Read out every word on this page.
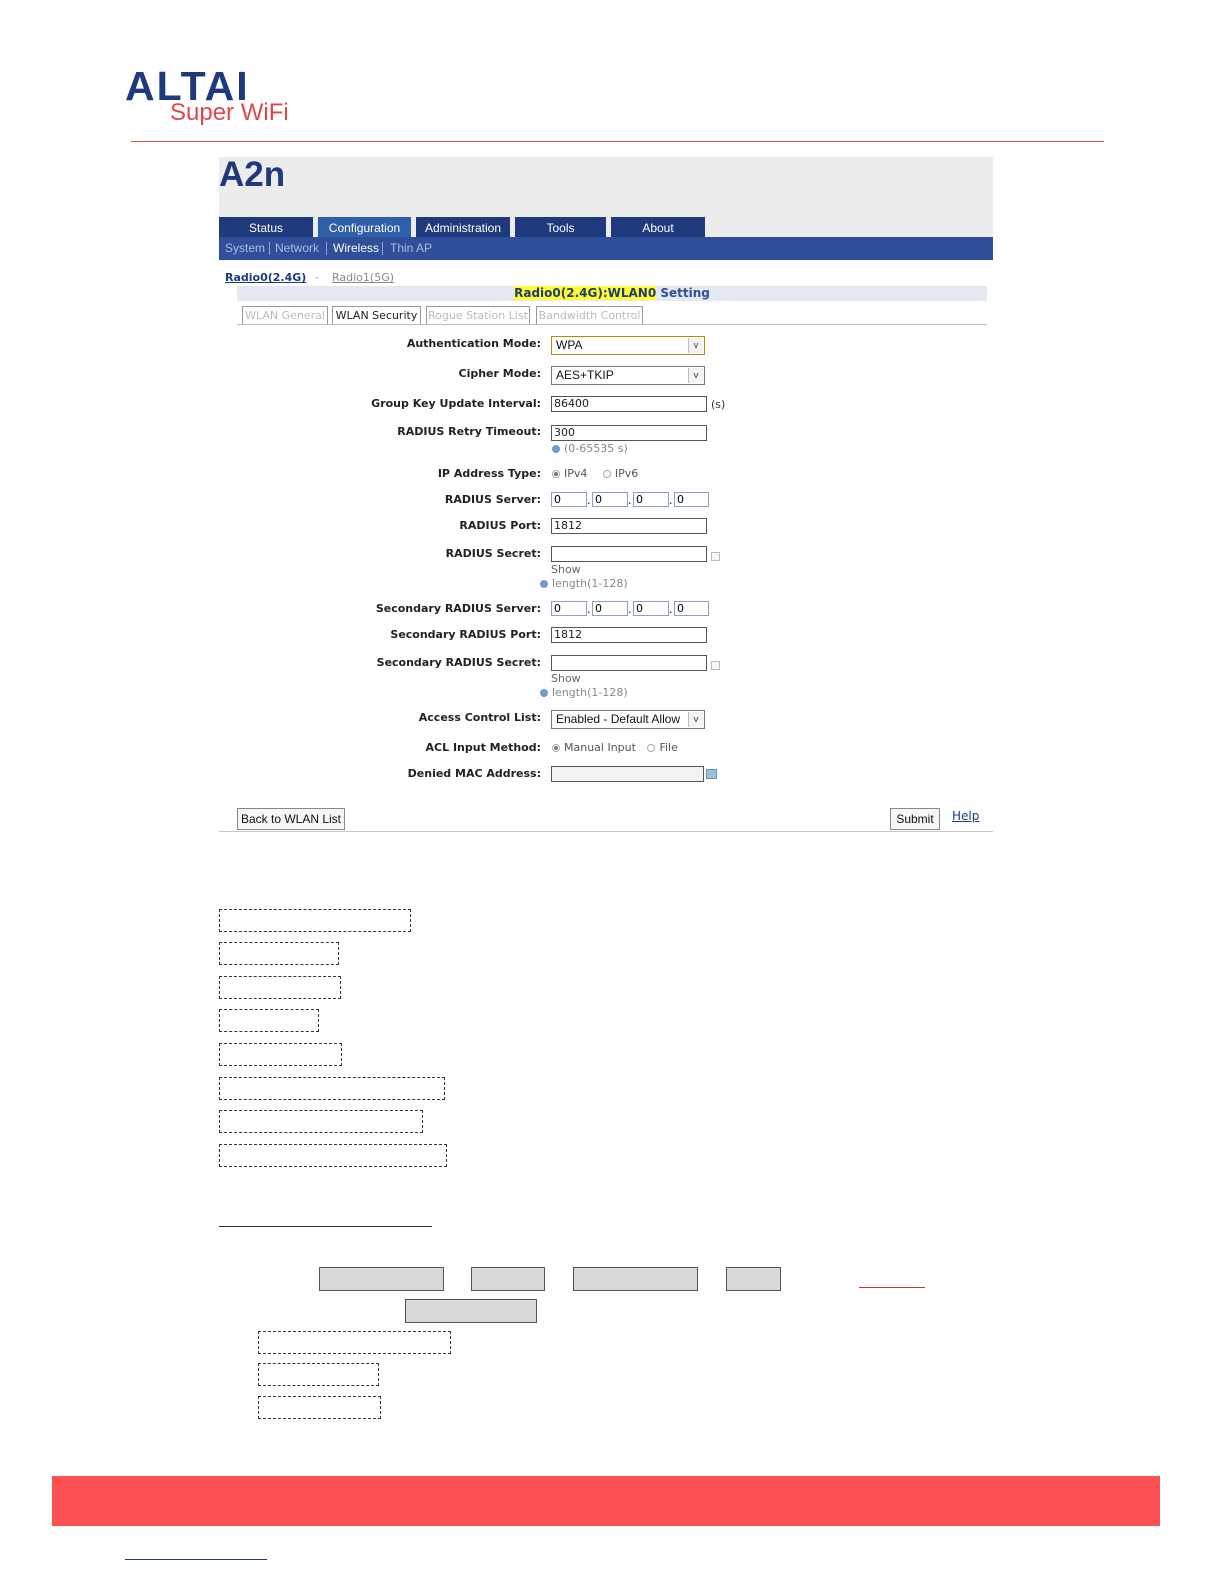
ALTAI
Super WiFi
A2n
Status	Configuration	Administration	Tools	About
System Network Wireless Thin AP
Radio0(2.4G) - Radio1(5G)
Radio0(2.4G):WLAN0 Setting
WLAN General WLAN Security Rogue Station List Bandwidth Control
Authentication Mode:	WPA	v
Cipher Mode:	AES+TKIP	v
Group Key Update Interval: 86400	(s)
RADIUS Retry Timeout: 300
(0-65535 s)
IP Address Type:	IPv4	IPv6
RADIUS Server: 0	. 0	. 0	. 0
RADIUS Port: 1812
RADIUS Secret:
Show
length(1-128)
Secondary RADIUS Server: 0	. 0	. 0	. 0
Secondary RADIUS Port: 1812
Secondary RADIUS Secret:
Show
length(1-128)
Access Control List:	Enabled - Default Allow	v
ACL Input Method:	Manual Input File
Denied MAC Address:
Back to WLAN List	Submit	Help
